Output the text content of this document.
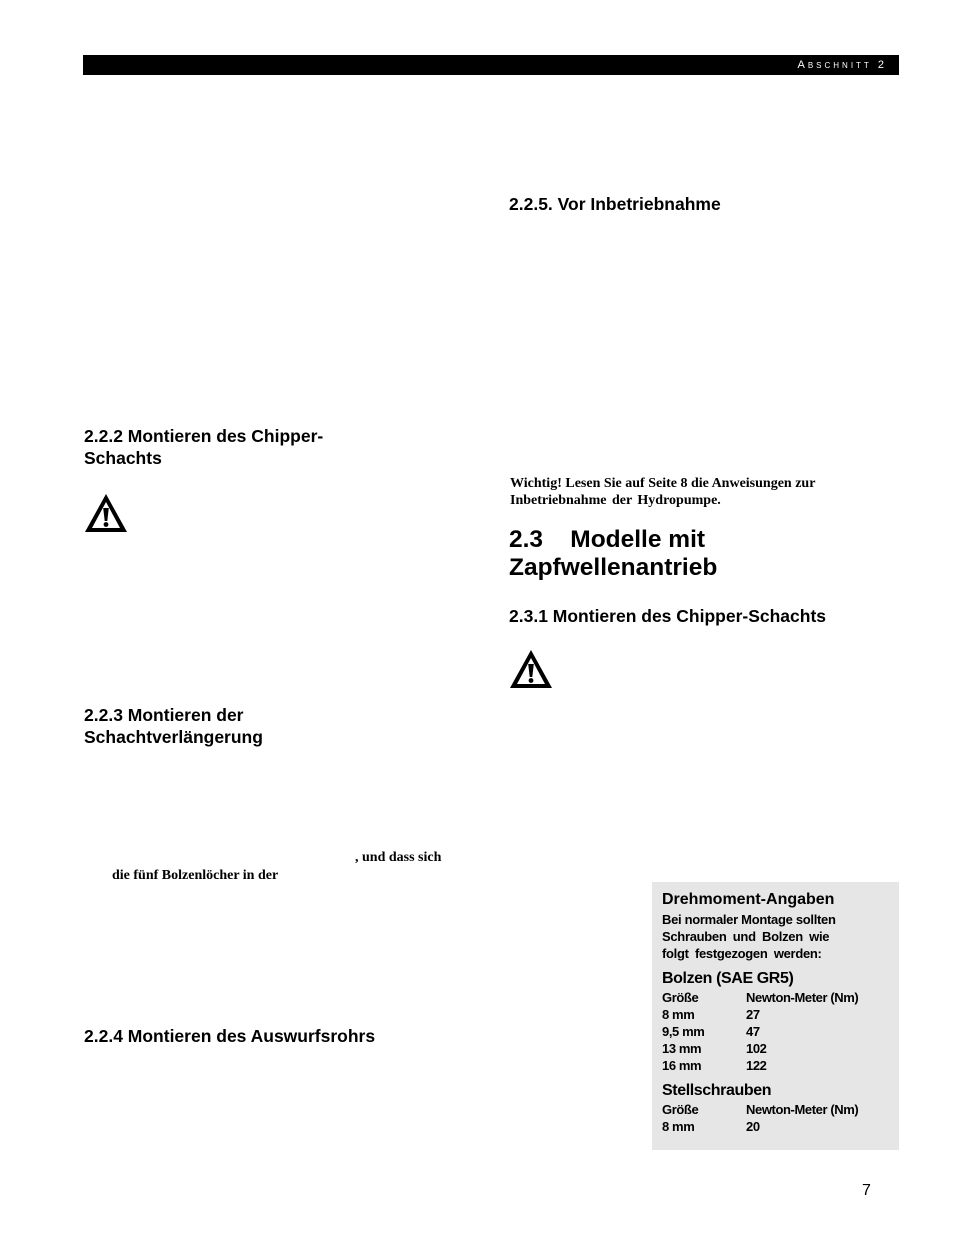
Abschnitt 2
2.2.2 Montieren des Chipper-
Schachts
2.2.3 Montieren der
Schachtverlängerung
, und dass sich
die fünf Bolzenlöcher in der
2.2.4 Montieren des Auswurfsrohrs
2.2.5. Vor Inbetriebnahme
Wichtig! Lesen Sie auf Seite 8 die Anweisungen zur
Inbetriebnahme der Hydropumpe.
2.3    Modelle mit
Zapfwellenantrieb
2.3.1 Montieren des Chipper-Schachts
Drehmoment-Angaben
Bei normaler Montage sollten
Schrauben und Bolzen wie
folgt festgezogen werden:
Bolzen (SAE GR5)
Größe	Newton-Meter (Nm)
8 mm	27
9,5 mm	47
13 mm	102
16 mm	122
Stellschrauben
Größe	Newton-Meter (Nm)
8 mm	20
7
